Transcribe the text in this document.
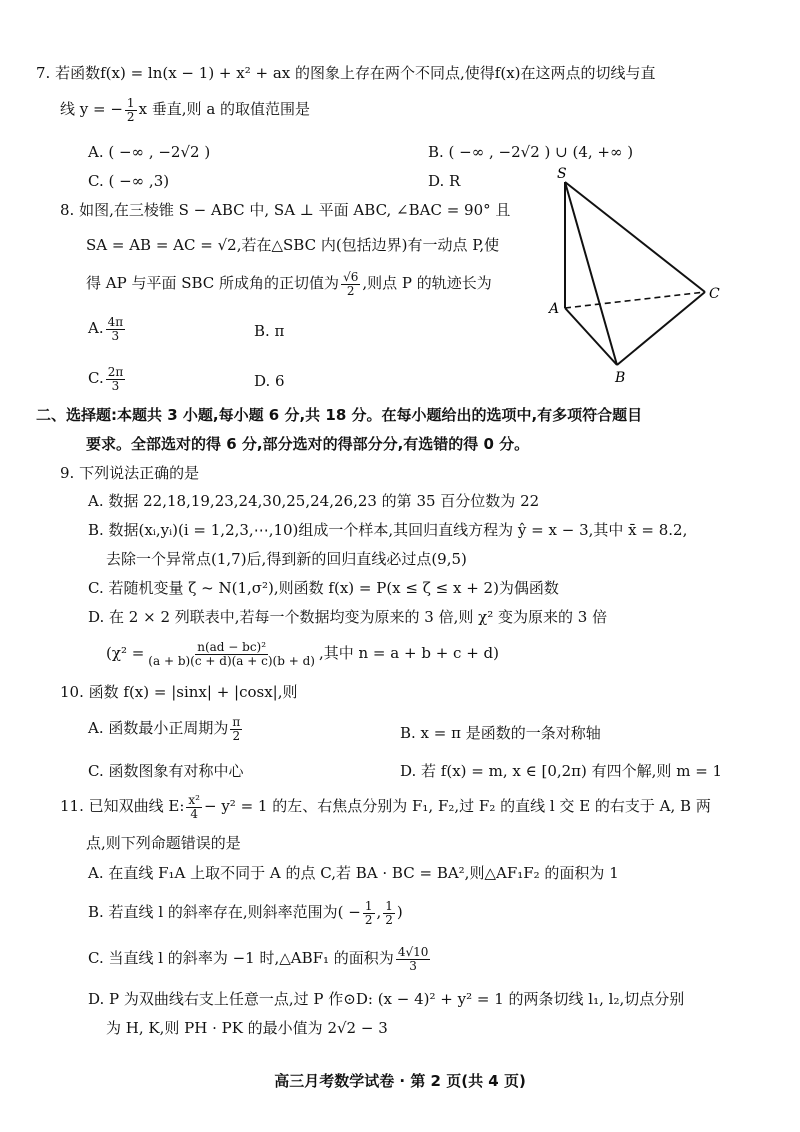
7. 若函数f(x) = ln(x − 1) + x² + ax 的图象上存在两个不同点,使得f(x)在这两点的切线与直
线 y = − $\frac{1}{2}$ x 垂直,则 a 的取值范围是
A. ( −∞ , −2√2 )	B. ( −∞ , −2√2 ) ∪ (4, +∞ )
C. ( −∞ ,3)	D. R
8. 如图,在三棱锥 S − ABC 中, SA ⊥ 平面 ABC, ∠BAC = 90° 且
SA = AB = AC = √2,若在△SBC 内(包括边界)有一动点 P,使
得 AP 与平面 SBC 所成角的正切值为 $\frac{√6}{2}$ ,则点 P 的轨迹长为
A. $\frac{4\pi}{3}$	B. π
C. $\frac{2\pi}{3}$	D. 6
S
A
B
C
二、选择题:本题共 3 小题,每小题 6 分,共 18 分。在每小题给出的选项中,有多项符合题目
要求。全部选对的得 6 分,部分选对的得部分分,有选错的得 0 分。
9. 下列说法正确的是
A. 数据 22,18,19,23,24,30,25,24,26,23 的第 35 百分位数为 22
B. 数据(xᵢ,yᵢ)(i = 1,2,3,⋯,10)组成一个样本,其回归直线方程为 ŷ = x − 3,其中 x̄ = 8.2,
去除一个异常点(1,7)后,得到新的回归直线必过点(9,5)
C. 若随机变量 ζ ~ N(1,σ²),则函数 f(x) = P(x ≤ ζ ≤ x + 2)为偶函数
D. 在 2 × 2 列联表中,若每一个数据均变为原来的 3 倍,则 χ² 变为原来的 3 倍
($\chi^2 = \frac{\text{n(ad − bc)²}}{(a + b)(c + d)(a + c)(b + d)}$ ,其中 n = a + b + c + d)
10. 函数 f(x) = |sinx| + |cosx|,则
A. 函数最小正周期为 $\frac{\pi}{2}$	B. x = π 是函数的一条对称轴
C. 函数图象有对称中心	D. 若 f(x) = m, x ∈ [0,2π) 有四个解,则 m = 1
11. 已知双曲线 E: $\frac{\text{x²}}{4} - y^2 = 1$ 的左、右焦点分别为 F₁, F₂,过 F₂ 的直线 l 交 E 的右支于 A, B 两
点,则下列命题错误的是
A. 在直线 F₁A 上取不同于 A 的点 C,若 BA · BC = BA²,则△AF₁F₂ 的面积为 1
B. 若直线 l 的斜率存在,则斜率范围为( − $\frac{1}{2}$ , $\frac{1}{2}$ )
C. 当直线 l 的斜率为 −1 时,△ABF₁ 的面积为 $\frac{4√10}{3}$
D. P 为双曲线右支上任意一点,过 P 作⊙D: (x − 4)² + y² = 1 的两条切线 l₁, l₂,切点分别
为 H, K,则 PH · PK 的最小值为 2√2 − 3
高三月考数学试卷 · 第 2 页(共 4 页)
